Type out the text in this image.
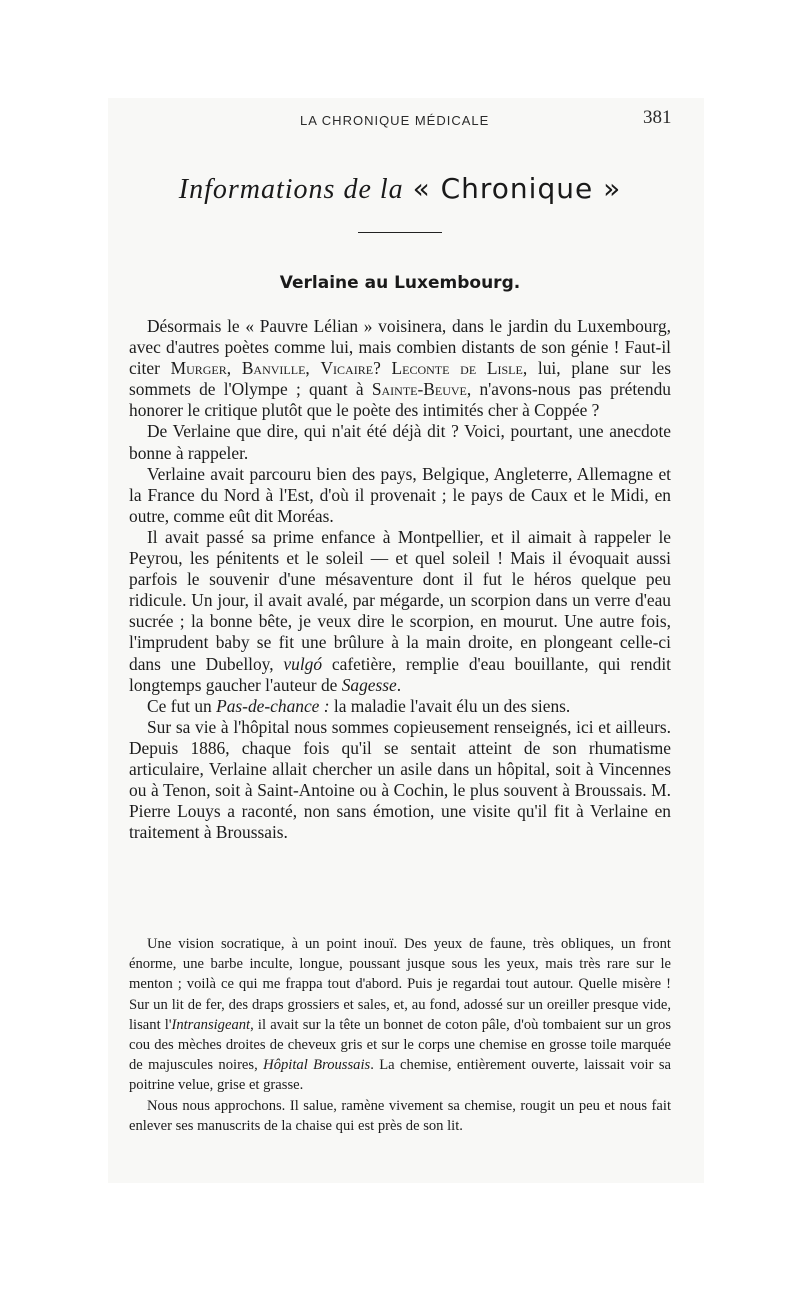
LA CHRONIQUE MÉDICALE	381
Informations de la « Chronique »
Verlaine au Luxembourg.

Désormais le « Pauvre Lélian » voisinera, dans le jardin du Luxembourg, avec d'autres poètes comme lui, mais combien distants de son génie ! Faut-il citer Murger, Banville, Vicaire? Leconte de Lisle, lui, plane sur les sommets de l'Olympe ; quant à Sainte-Beuve, n'avons-nous pas prétendu honorer le critique plutôt que le poète des intimités cher à Coppée ?

De Verlaine que dire, qui n'ait été déjà dit ? Voici, pourtant, une anecdote bonne à rappeler.

Verlaine avait parcouru bien des pays, Belgique, Angleterre, Allemagne et la France du Nord à l'Est, d'où il provenait ; le pays de Caux et le Midi, en outre, comme eût dit Moréas.

Il avait passé sa prime enfance à Montpellier, et il aimait à rappeler le Peyrou, les pénitents et le soleil — et quel soleil ! Mais il évoquait aussi parfois le souvenir d'une mésaventure dont il fut le héros quelque peu ridicule. Un jour, il avait avalé, par mégarde, un scorpion dans un verre d'eau sucrée ; la bonne bête, je veux dire le scorpion, en mourut. Une autre fois, l'imprudent baby se fit une brûlure à la main droite, en plongeant celle-ci dans une Dubelloy, vulgó cafetière, remplie d'eau bouillante, qui rendit longtemps gaucher l'auteur de Sagesse.

Ce fut un Pas-de-chance : la maladie l'avait élu un des siens.

Sur sa vie à l'hôpital nous sommes copieusement renseignés, ici et ailleurs. Depuis 1886, chaque fois qu'il se sentait atteint de son rhumatisme articulaire, Verlaine allait chercher un asile dans un hôpital, soit à Vincennes ou à Tenon, soit à Saint-Antoine ou à Cochin, le plus souvent à Broussais. M. Pierre Louys a raconté, non sans émotion, une visite qu'il fit à Verlaine en traitement à Broussais.

Une vision socratique, à un point inouï. Des yeux de faune, très obliques, un front énorme, une barbe inculte, longue, poussant jusque sous les yeux, mais très rare sur le menton ; voilà ce qui me frappa tout d'abord. Puis je regardai tout autour. Quelle misère ! Sur un lit de fer, des draps grossiers et sales, et, au fond, adossé sur un oreiller presque vide, lisant l'Intransigeant, il avait sur la tête un bonnet de coton pâle, d'où tombaient sur un gros cou des mèches droites de cheveux gris et sur le corps une chemise en grosse toile marquée de majuscules noires, Hôpital Broussais. La chemise, entièrement ouverte, laissait voir sa poitrine velue, grise et grasse.

Nous nous approchons. Il salue, ramène vivement sa chemise, rougit un peu et nous fait enlever ses manuscrits de la chaise qui est près de son lit.
